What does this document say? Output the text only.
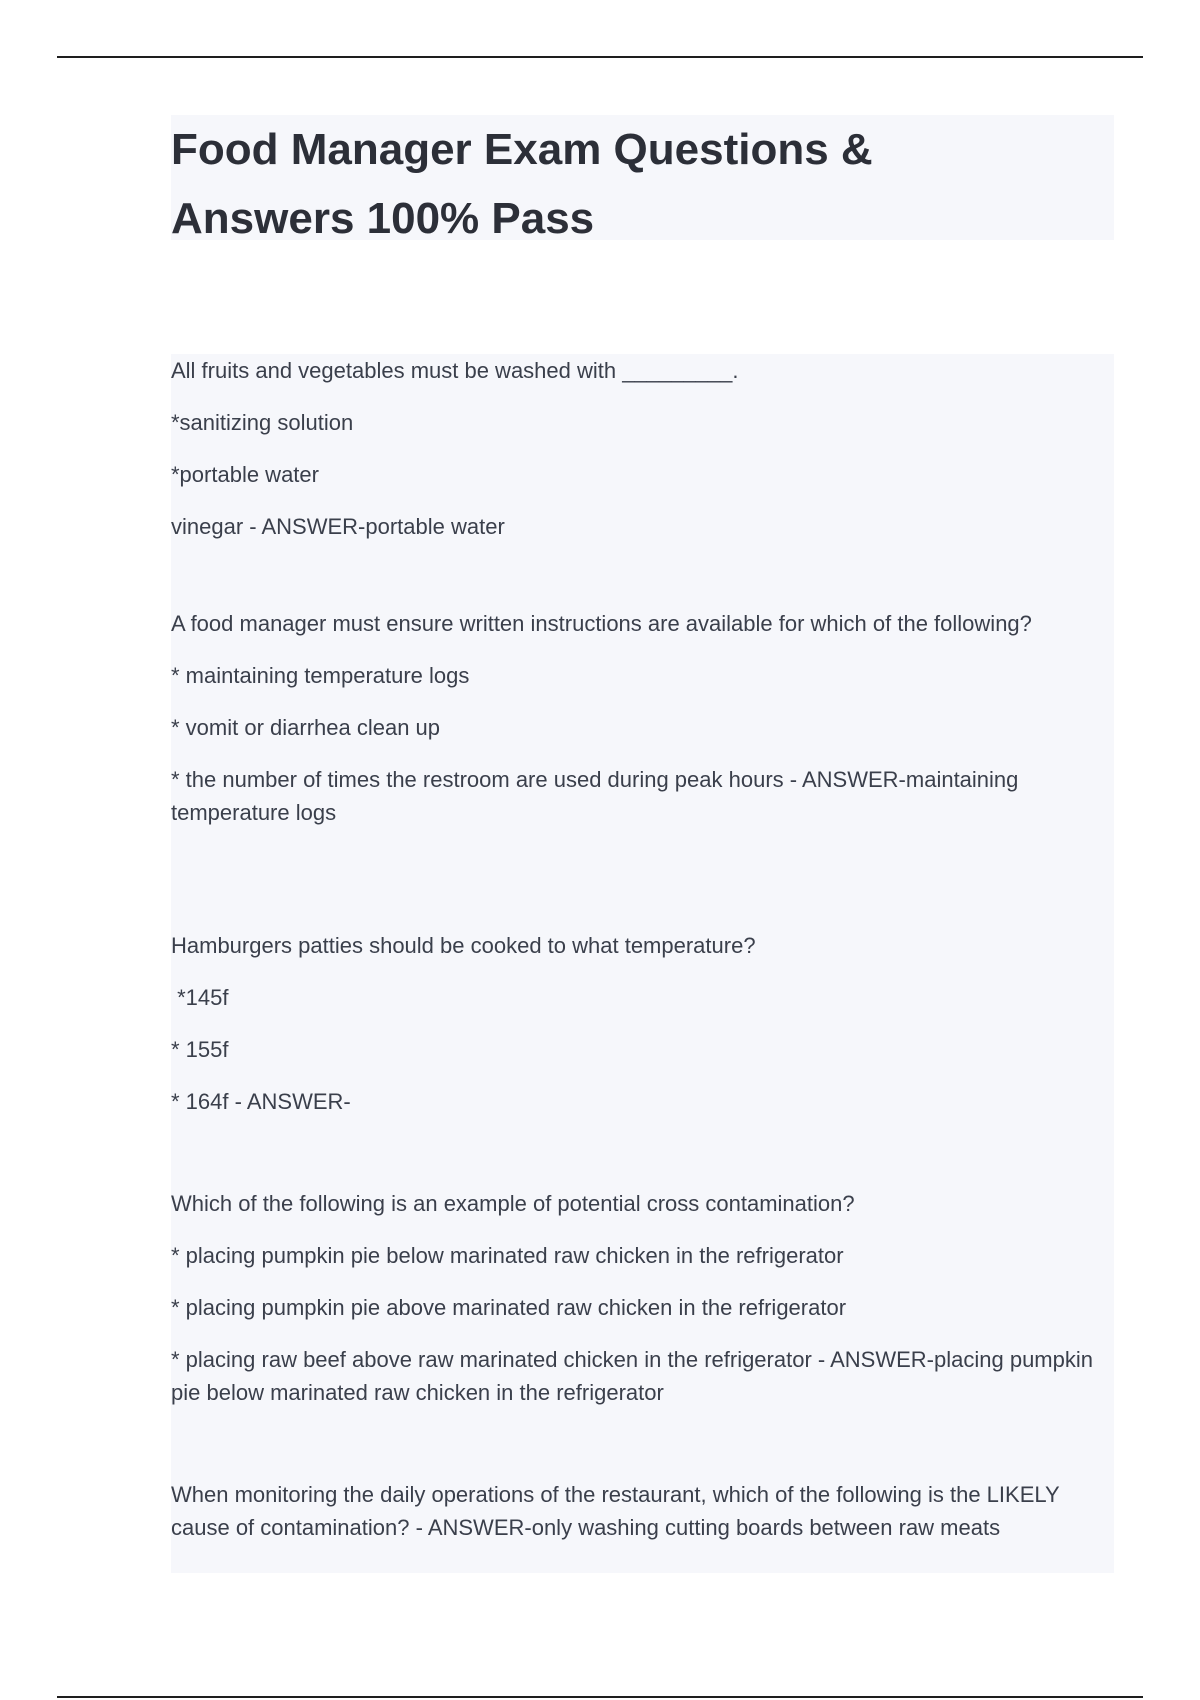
Food Manager Exam Questions &
Answers 100% Pass

All fruits and vegetables must be washed with _________.

*sanitizing solution

*portable water

vinegar - ANSWER-portable water

A food manager must ensure written instructions are available for which of the following?

* maintaining temperature logs

* vomit or diarrhea clean up

* the number of times the restroom are used during peak hours - ANSWER-maintaining temperature logs

Hamburgers patties should be cooked to what temperature?

*145f

* 155f

* 164f - ANSWER-

Which of the following is an example of potential cross contamination?

* placing pumpkin pie below marinated raw chicken in the refrigerator

* placing pumpkin pie above marinated raw chicken in the refrigerator

* placing raw beef above raw marinated chicken in the refrigerator - ANSWER-placing pumpkin pie below marinated raw chicken in the refrigerator

When monitoring the daily operations of the restaurant, which of the following is the LIKELY cause of contamination? - ANSWER-only washing cutting boards between raw meats
